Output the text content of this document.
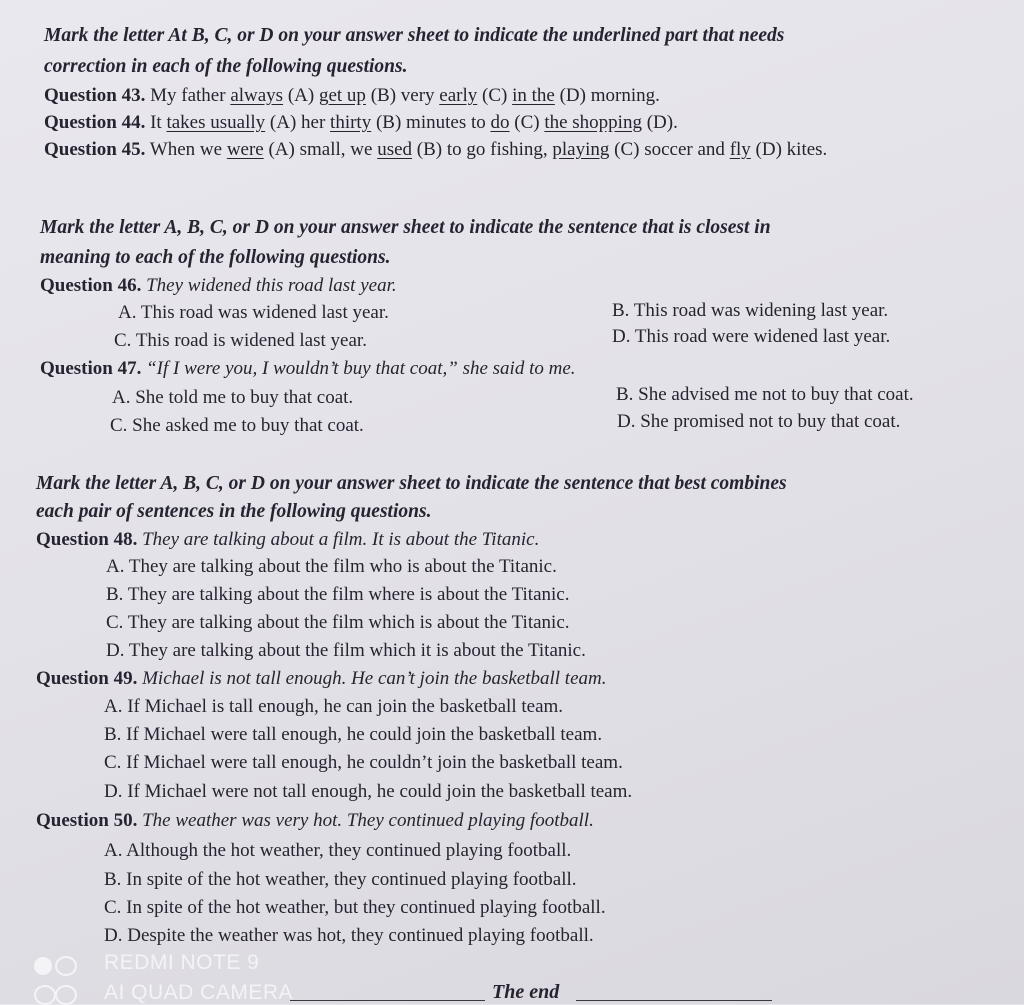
Mark the letter At B, C, or D on your answer sheet to indicate the underlined part that needs
correction in each of the following questions.
Question 43. My father always (A) get up (B) very early (C) in the (D) morning.
Question 44. It takes usually (A) her thirty (B) minutes to do (C) the shopping (D).
Question 45. When we were (A) small, we used (B) to go fishing, playing (C) soccer and fly (D) kites.
Mark the letter A, B, C, or D on your answer sheet to indicate the sentence that is closest in
meaning to each of the following questions.
Question 46. They widened this road last year.
A. This road was widened last year.	B. This road was widening last year.
C. This road is widened last year.	D. This road were widened last year.
Question 47. “If I were you, I wouldn’t buy that coat,” she said to me.
A. She told me to buy that coat.	B. She advised me not to buy that coat.
C. She asked me to buy that coat.	D. She promised not to buy that coat.
Mark the letter A, B, C, or D on your answer sheet to indicate the sentence that best combines
each pair of sentences in the following questions.
Question 48. They are talking about a film. It is about the Titanic.
A. They are talking about the film who is about the Titanic.
B. They are talking about the film where is about the Titanic.
C. They are talking about the film which is about the Titanic.
D. They are talking about the film which it is about the Titanic.
Question 49. Michael is not tall enough. He can’t join the basketball team.
A. If Michael is tall enough, he can join the basketball team.
B. If Michael were tall enough, he could join the basketball team.
C. If Michael were tall enough, he couldn’t join the basketball team.
D. If Michael were not tall enough, he could join the basketball team.
Question 50. The weather was very hot. They continued playing football.
A. Although the hot weather, they continued playing football.
B. In spite of the hot weather, they continued playing football.
C. In spite of the hot weather, but they continued playing football.
D. Despite the weather was hot, they continued playing football.
The end
REDMI NOTE 9
AI QUAD CAMERA
